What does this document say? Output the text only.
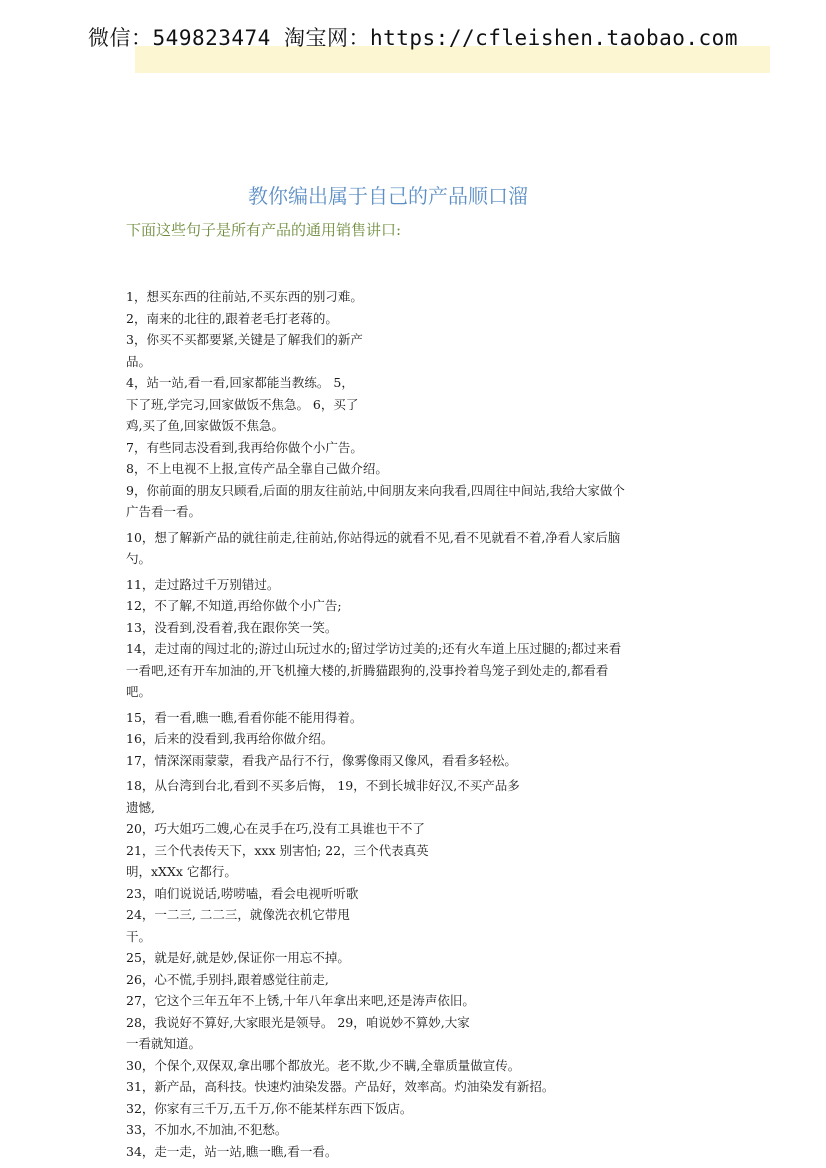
微信：549823474 淘宝网：https://cfleishen.taobao.com
教你编出属于自己的产品顺口溜
下面这些句子是所有产品的通用销售讲口:
1，想买东西的往前站,不买东西的别刁难。
2，南来的北往的,跟着老毛打老蒋的。
3，你买不买都要紧,关键是了解我们的新产
品。
4，站一站,看一看,回家都能当教练。 5，
下了班,学完习,回家做饭不焦急。 6，买了
鸡,买了鱼,回家做饭不焦急。
7，有些同志没看到,我再给你做个小广告。
8，不上电视不上报,宣传产品全靠自己做介绍。
9，你前面的朋友只顾看,后面的朋友往前站,中间朋友来向我看,四周往中间站,我给大家做个
广告看一看。
10，想了解新产品的就往前走,往前站,你站得远的就看不见,看不见就看不着,净看人家后脑
勺。
11，走过路过千万别错过。
12，不了解,不知道,再给你做个小广告;
13，没看到,没看着,我在跟你笑一笑。
14，走过南的闯过北的;游过山玩过水的;留过学访过美的;还有火车道上压过腿的;都过来看
一看吧,还有开车加油的,开飞机撞大楼的,折腾猫跟狗的,没事拎着鸟笼子到处走的,都看看
吧。
15，看一看,瞧一瞧,看看你能不能用得着。
16，后来的没看到,我再给你做介绍。
17，情深深雨蒙蒙，看我产品行不行，像雾像雨又像风，看看多轻松。
18，从台湾到台北,看到不买多后悔， 19，不到长城非好汉,不买产品多
遗憾,
20，巧大姐巧二嫂,心在灵手在巧,没有工具谁也干不了
21，三个代表传天下，xxx 别害怕; 22，三个代表真英
明，xXXx 它都行。
23，咱们说说话,唠唠嗑，看会电视听听歌
24，一二三, 二二三，就像洗衣机它带甩
干。
25，就是好,就是妙,保证你一用忘不掉。
26，心不慌,手别抖,跟着感觉往前走,
27，它这个三年五年不上锈,十年八年拿出来吧,还是涛声依旧。
28，我说好不算好,大家眼光是领导。 29，咱说妙不算妙,大家
一看就知道。
30，个保个,双保双,拿出哪个都放光。老不欺,少不瞒,全靠质量做宣传。
31，新产品，高科技。快速灼油染发器。产品好，效率高。灼油染发有新招。
32，你家有三千万,五千万,你不能某样东西下饭店。
33，不加水,不加油,不犯愁。
34，走一走，站一站,瞧一瞧,看一看。
